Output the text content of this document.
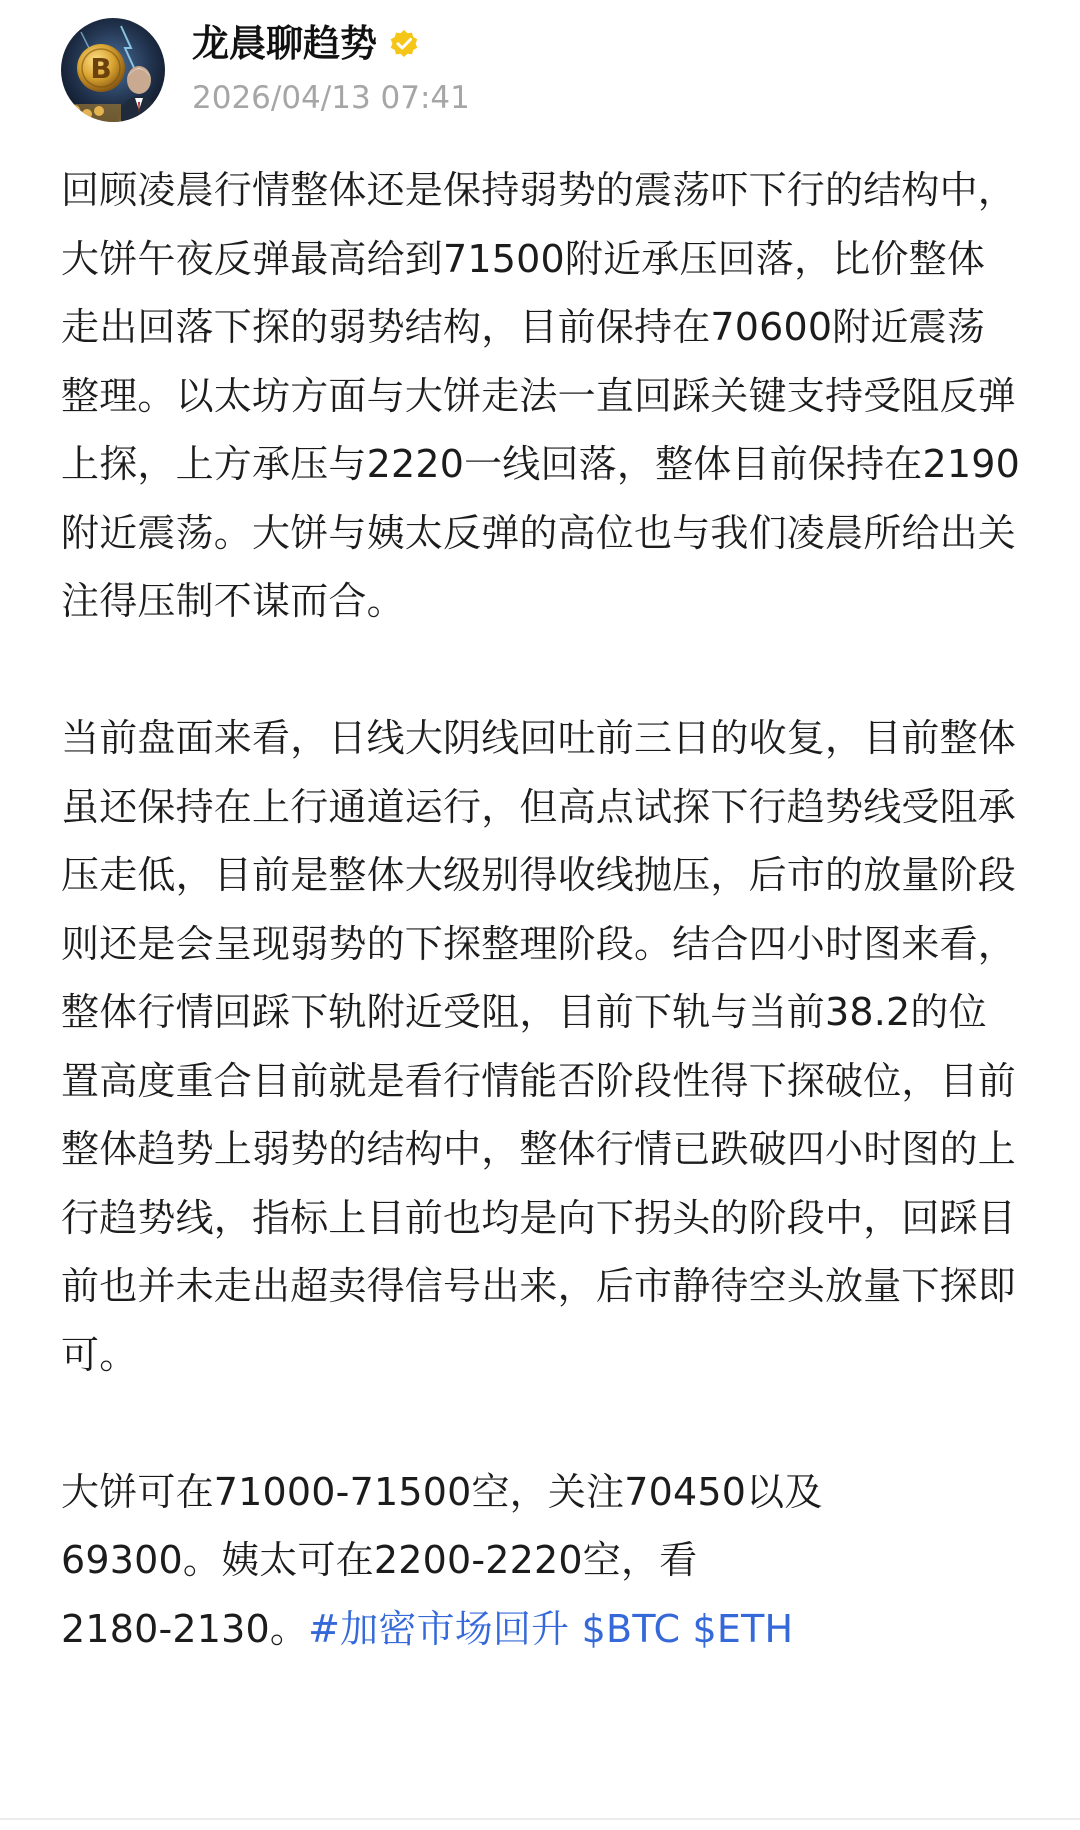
B
龙晨聊趋势
2026/04/13 07:41

回顾凌晨行情整体还是保持弱势的震荡吓下行的结构中，大饼午夜反弹最高给到71500附近承压回落，比价整体走出回落下探的弱势结构，目前保持在70600附近震荡整理。以太坊方面与大饼走法一直回踩关键支持受阻反弹上探，上方承压与2220一线回落，整体目前保持在2190附近震荡。大饼与姨太反弹的高位也与我们凌晨所给出关注得压制不谋而合。

当前盘面来看，日线大阴线回吐前三日的收复，目前整体虽还保持在上行通道运行，但高点试探下行趋势线受阻承压走低，目前是整体大级别得收线抛压，后市的放量阶段则还是会呈现弱势的下探整理阶段。结合四小时图来看，整体行情回踩下轨附近受阻，目前下轨与当前38.2的位置高度重合目前就是看行情能否阶段性得下探破位，目前整体趋势上弱势的结构中，整体行情已跌破四小时图的上行趋势线，指标上目前也均是向下拐头的阶段中，回踩目前也并未走出超卖得信号出来，后市静待空头放量下探即可。

大饼可在71000-71500空，关注70450以及
69300。姨太可在2200-2220空，看
2180-2130。#加密市场回升 $BTC $ETH
